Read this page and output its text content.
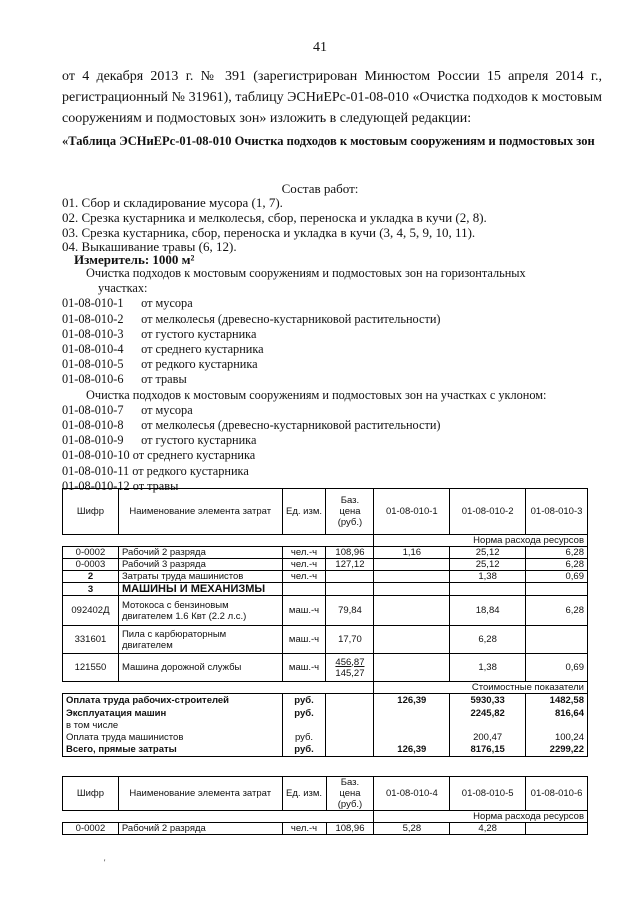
41
от 4 декабря 2013 г. № 391 (зарегистрирован Минюстом России 15 апреля 2014 г., регистрационный № 31961), таблицу ЭСНиЕРс-01-08-010 «Очистка подходов к мостовым сооружениям и подмостовых зон» изложить в следующей редакции:
«Таблица ЭСНиЕРс-01-08-010 Очистка подходов к мостовым сооружениям и подмостовых зон
Состав работ:
01. Сбор и складирование мусора (1, 7).
02. Срезка кустарника и мелколесья, сбор, переноска и укладка в кучи (2, 8).
03. Срезка кустарника, сбор, переноска и укладка в кучи (3, 4, 5, 9, 10, 11).
04. Выкашивание травы (6, 12).
Измеритель: 1000 м²
Очистка подходов к мостовым сооружениям и подмостовых зон на горизонтальных
участках:
01-08-010-1 от мусора
01-08-010-2 от мелколесья (древесно-кустарниковой растительности)
01-08-010-3 от густого кустарника
01-08-010-4 от среднего кустарника
01-08-010-5 от редкого кустарника
01-08-010-6 от травы
Очистка подходов к мостовым сооружениям и подмостовых зон на участках с уклоном:
01-08-010-7 от мусора
01-08-010-8 от мелколесья (древесно-кустарниковой растительности)
01-08-010-9 от густого кустарника
01-08-010-10 от среднего кустарника
01-08-010-11 от редкого кустарника
01-08-010-12 от травы
Шифр	Наименование элемента затрат	Ед. изм.	Баз. цена (руб.)	01-08-010-1	01-08-010-2	01-08-010-3
				Норма расхода ресурсов		
0-0002	Рабочий 2 разряда	чел.-ч	108,96	1,16	25,12	6,28
0-0003	Рабочий 3 разряда	чел.-ч	127,12		25,12	6,28
2	Затраты труда машинистов	чел.-ч			1,38	0,69
3	МАШИНЫ И МЕХАНИЗМЫ					
092402Д	Мотокоса с бензиновым двигателем 1.6 Квт (2.2 л.с.)	маш.-ч	79,84		18,84	6,28
331601	Пила с карбюраторным двигателем	маш.-ч	17,70		6,28	
121550	Машина дорожной службы	маш.-ч	456,87
145,27		1,38	0,69
				Стоимостные показатели		
Оплата труда рабочих-строителей		руб.		126,39	5930,33	1482,58
Эксплуатация машин		руб.			2245,82	816,64
в том числе						
Оплата труда машинистов		руб.			200,47	100,24
Всего, прямые затраты		руб.		126,39	8176,15	2299,22
Шифр	Наименование элемента затрат	Ед. изм.	Баз. цена (руб.)	01-08-010-4	01-08-010-5	01-08-010-6
				Норма расхода ресурсов		
0-0002	Рабочий 2 разряда	чел.-ч	108,96	5,28	4,28	
'
